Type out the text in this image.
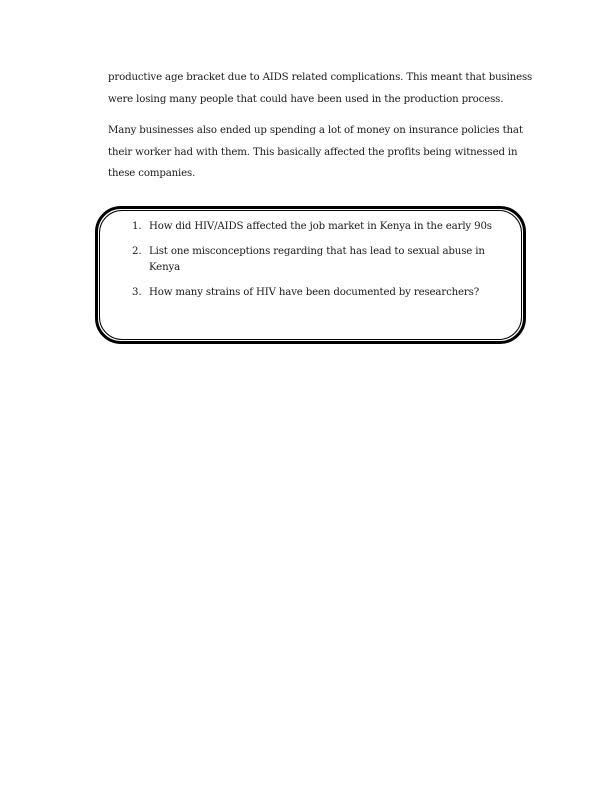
productive age bracket due to AIDS related complications. This meant that business
were losing many people that could have been used in the production process.

Many businesses also ended up spending a lot of money on insurance policies that
their worker had with them. This basically affected the profits being witnessed in
these companies.

1. How did HIV/AIDS affected the job market in Kenya in the early 90s
2. List one misconceptions regarding that has lead to sexual abuse in Kenya
3. How many strains of HIV have been documented by researchers?
